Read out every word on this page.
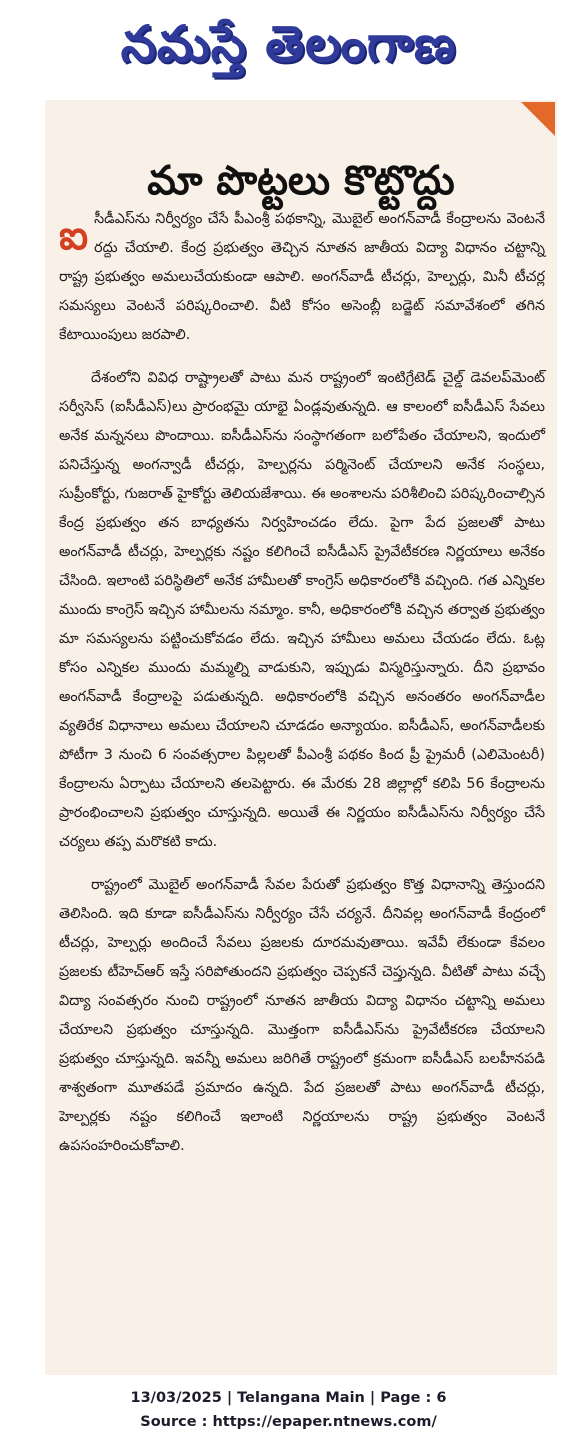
నమస్తే తెలంగాణ
మా పొట్టలు కొట్టొద్దు

ఐ సీడీఎస్‌ను నిర్వీర్యం చేసే పీఎంశ్రీ పథకాన్ని, మొబైల్ అంగన్‌వాడీ కేంద్రాలను వెంటనే రద్దు చేయాలి. కేంద్ర ప్రభుత్వం తెచ్చిన నూతన జాతీయ విద్యా విధానం చట్టాన్ని రాష్ట్ర ప్రభుత్వం అమలుచేయకుండా ఆపాలి. అంగన్‌వాడీ టీచర్లు, హెల్పర్లు, మినీ టీచర్ల సమస్యలు వెంటనే పరిష్కరించాలి. వీటి కోసం అసెంబ్లీ బడ్జెట్ సమావేశంలో తగిన కేటాయింపులు జరపాలి.

దేశంలోని వివిధ రాష్ట్రాలతో పాటు మన రాష్ట్రంలో ఇంటిగ్రేటెడ్ చైల్డ్ డెవలప్‌మెంట్ సర్వీసెస్ (ఐసీడీఎస్)లు ప్రారంభమై యాభై ఏండ్లవుతున్నది. ఆ కాలంలో ఐసీడీఎస్ సేవలు అనేక మన్ననలు పొందాయి. ఐసీడీఎస్‌ను సంస్థాగతంగా బలోపేతం చేయాలని, ఇందులో పనిచేస్తున్న అంగన్వాడీ టీచర్లు, హెల్పర్లను పర్మినెంట్ చేయాలని అనేక సంస్థలు, సుప్రీంకోర్టు, గుజరాత్ హైకోర్టు తెలియజేశాయి. ఈ అంశాలను పరిశీలించి పరిష్కరించాల్సిన కేంద్ర ప్రభుత్వం తన బాధ్యతను నిర్వహించడం లేదు. పైగా పేద ప్రజలతో పాటు అంగన్‌వాడీ టీచర్లు, హెల్పర్లకు నష్టం కలిగించే ఐసీడీఎస్ ప్రైవేటీకరణ నిర్ణయాలు అనేకం చేసింది. ఇలాంటి పరిస్థితిలో అనేక హామీలతో కాంగ్రెస్ అధికారంలోకి వచ్చింది. గత ఎన్నికల ముందు కాంగ్రెస్ ఇచ్చిన హామీలను నమ్మాం. కానీ, అధికారంలోకి వచ్చిన తర్వాత ప్రభుత్వం మా సమస్యలను పట్టించుకోవడం లేదు. ఇచ్చిన హామీలు అమలు చేయడం లేదు. ఓట్ల కోసం ఎన్నికల ముందు మమ్మల్ని వాడుకుని, ఇప్పుడు విస్మరిస్తున్నారు. దీని ప్రభావం అంగన్‌వాడీ కేంద్రాలపై పడుతున్నది. అధికారంలోకి వచ్చిన అనంతరం అంగన్‌వాడీల వ్యతిరేక విధానాలు అమలు చేయాలని చూడడం అన్యాయం. ఐసీడీఎస్, అంగన్‌వాడీలకు పోటీగా 3 నుంచి 6 సంవత్సరాల పిల్లలతో పీఎంశ్రీ పథకం కింద ప్రీ ప్రైమరీ (ఎలిమెంటరీ) కేంద్రాలను ఏర్పాటు చేయాలని తలపెట్టారు. ఈ మేరకు 28 జిల్లాల్లో కలిపి 56 కేంద్రాలను ప్రారంభించాలని ప్రభుత్వం చూస్తున్నది. అయితే ఈ నిర్ణయం ఐసీడీఎస్‌ను నిర్వీర్యం చేసే చర్యలు తప్ప మరొకటి కాదు.

రాష్ట్రంలో మొబైల్ అంగన్‌వాడీ సేవల పేరుతో ప్రభుత్వం కొత్త విధానాన్ని తెస్తుందని తెలిసింది. ఇది కూడా ఐసీడీఎస్‌ను నిర్వీర్యం చేసే చర్యనే. దీనివల్ల అంగన్‌వాడీ కేంద్రంలో టీచర్లు, హెల్పర్లు అందించే సేవలు ప్రజలకు దూరమవుతాయి. ఇవేవీ లేకుండా కేవలం ప్రజలకు టీహెచ్ఆర్ ఇస్తే సరిపోతుందని ప్రభుత్వం చెప్పకనే చెప్తున్నది. వీటితో పాటు వచ్చే విద్యా సంవత్సరం నుంచి రాష్ట్రంలో నూతన జాతీయ విద్యా విధానం చట్టాన్ని అమలు చేయాలని ప్రభుత్వం చూస్తున్నది. మొత్తంగా ఐసీడీఎస్‌ను ప్రైవేటీకరణ చేయాలని ప్రభుత్వం చూస్తున్నది. ఇవన్నీ అమలు జరిగితే రాష్ట్రంలో క్రమంగా ఐసీడీఎస్ బలహీనపడి శాశ్వతంగా మూతపడే ప్రమాదం ఉన్నది. పేద ప్రజలతో పాటు అంగన్‌వాడీ టీచర్లు, హెల్పర్లకు నష్టం కలిగించే ఇలాంటి నిర్ణయాలను రాష్ట్ర ప్రభుత్వం వెంటనే ఉపసంహరించుకోవాలి.

13/03/2025 | Telangana Main | Page : 6
Source : https://epaper.ntnews.com/
